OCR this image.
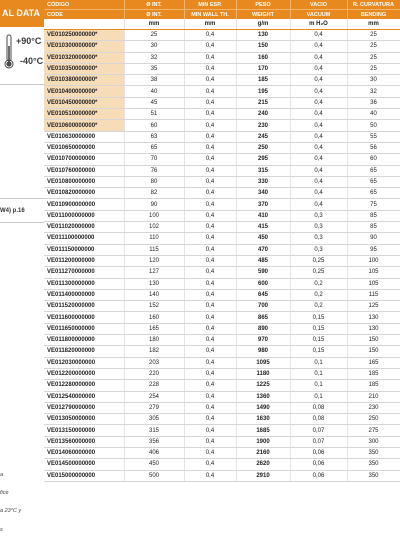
AL DATA
+90°C
-40°C
W4) p.16
a
fice
a 23°C y
s
CÓDIGO	Ø INT.	MIN ESP.	PESO	VACIO	R. CURVATURA
CODE	Ø INT.	MIN WALL TH.	WEIGHT	VACUUM	BENDING
	mm	mm	g/m	m H₂O	mm
VE010250000000*	25	0,4	130	0,4	25
VE010300000000*	30	0,4	150	0,4	25
VE010320000000*	32	0,4	160	0,4	25
VE010350000000*	35	0,4	170	0,4	25
VE010380000000*	38	0,4	185	0,4	30
VE010400000000*	40	0,4	195	0,4	32
VE010450000000*	45	0,4	215	0,4	36
VE010510000000*	51	0,4	240	0,4	40
VE010600000000*	60	0,4	230	0,4	50
VE010630000000	63	0,4	245	0,4	55
VE010650000000	65	0,4	250	0,4	56
VE010700000000	70	0,4	295	0,4	60
VE010760000000	76	0,4	315	0,4	65
VE010800000000	80	0,4	330	0,4	65
VE010820000000	82	0,4	340	0,4	65
VE010900000000	90	0,4	370	0,4	75
VE011000000000	100	0,4	410	0,3	85
VE011020000000	102	0,4	415	0,3	85
VE011100000000	110	0,4	450	0,3	90
VE011150000000	115	0,4	470	0,3	95
VE011200000000	120	0,4	485	0,25	100
VE011270000000	127	0,4	590	0,25	105
VE011300000000	130	0,4	600	0,2	105
VE011400000000	140	0,4	645	0,2	115
VE011520000000	152	0,4	700	0,2	125
VE011600000000	160	0,4	865	0,15	130
VE011650000000	165	0,4	890	0,15	130
VE011800000000	180	0,4	970	0,15	150
VE011820000000	182	0,4	980	0,15	150
VE012030000000	203	0,4	1095	0,1	165
VE012200000000	220	0,4	1180	0,1	185
VE012280000000	228	0,4	1225	0,1	185
VE012540000000	254	0,4	1360	0,1	210
VE012790000000	279	0,4	1490	0,08	230
VE013050000000	305	0,4	1630	0,08	250
VE013150000000	315	0,4	1685	0,07	275
VE013560000000	356	0,4	1900	0,07	300
VE014060000000	406	0,4	2160	0,06	350
VE014500000000	450	0,4	2620	0,06	350
VE015000000000	500	0,4	2910	0,06	350
